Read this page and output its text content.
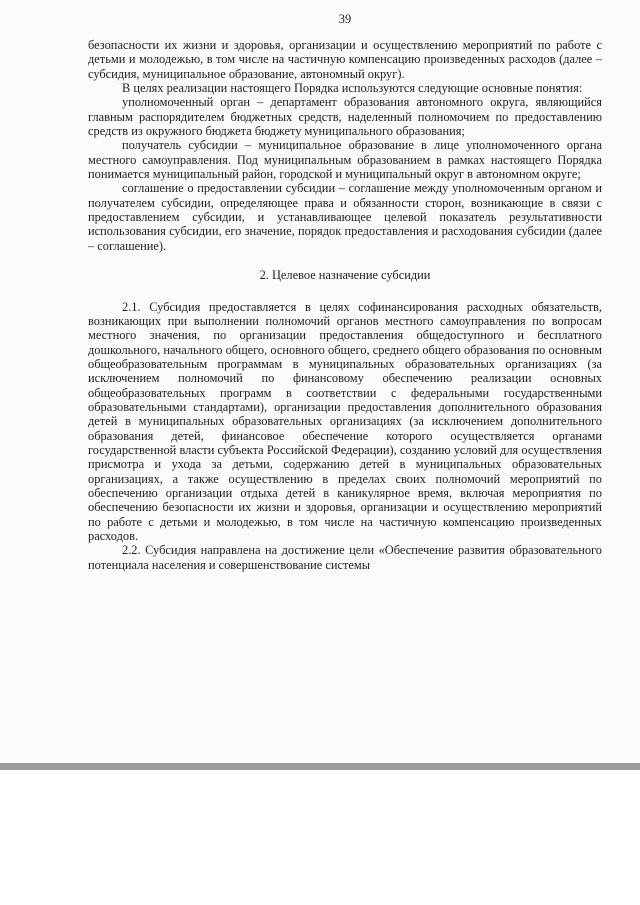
39

безопасности их жизни и здоровья, организации и осуществлению мероприятий по работе с детьми и молодежью, в том числе на частичную компенсацию произведенных расходов (далее – субсидия, муниципальное образование, автономный округ).

В целях реализации настоящего Порядка используются следующие основные понятия:

уполномоченный орган – департамент образования автономного округа, являющийся главным распорядителем бюджетных средств, наделенный полномочием по предоставлению средств из окружного бюджета бюджету муниципального образования;

получатель субсидии – муниципальное образование в лице уполномоченного органа местного самоуправления. Под муниципальным образованием в рамках настоящего Порядка понимается муниципальный район, городской и муниципальный округ в автономном округе;

соглашение о предоставлении субсидии – соглашение между уполномоченным органом и получателем субсидии, определяющее права и обязанности сторон, возникающие в связи с предоставлением субсидии, и устанавливающее целевой показатель результативности использования субсидии, его значение, порядок предоставления и расходования субсидии (далее – соглашение).

2. Целевое назначение субсидии

2.1. Субсидия предоставляется в целях софинансирования расходных обязательств, возникающих при выполнении полномочий органов местного самоуправления по вопросам местного значения, по организации предоставления общедоступного и бесплатного дошкольного, начального общего, основного общего, среднего общего образования по основным общеобразовательным программам в муниципальных образовательных организациях (за исключением полномочий по финансовому обеспечению реализации основных общеобразовательных программ в соответствии с федеральными государственными образовательными стандартами), организации предоставления дополнительного образования детей в муниципальных образовательных организациях (за исключением дополнительного образования детей, финансовое обеспечение которого осуществляется органами государственной власти субъекта Российской Федерации), созданию условий для осуществления присмотра и ухода за детьми, содержанию детей в муниципальных образовательных организациях, а также осуществлению в пределах своих полномочий мероприятий по обеспечению организации отдыха детей в каникулярное время, включая мероприятия по обеспечению безопасности их жизни и здоровья, организации и осуществлению мероприятий по работе с детьми и молодежью, в том числе на частичную компенсацию произведенных расходов.

2.2. Субсидия направлена на достижение цели «Обеспечение развития образовательного потенциала населения и совершенствование системы
